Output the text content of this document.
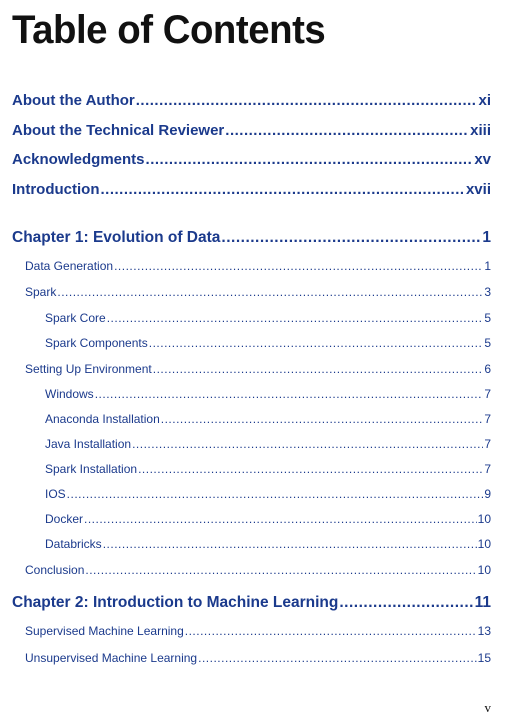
Table of Contents
About the Author .....	xi
About the Technical Reviewer .....	xiii
Acknowledgments .....	xv
Introduction .....	xvii
Chapter 1: Evolution of Data .....	1
Data Generation .....	1
Spark .....	3
Spark Core .....	5
Spark Components .....	5
Setting Up Environment .....	6
Windows .....	7
Anaconda Installation .....	7
Java Installation .....	7
Spark Installation .....	7
IOS .....	9
Docker .....	10
Databricks .....	10
Conclusion .....	10
Chapter 2: Introduction to Machine Learning .....	11
Supervised Machine Learning .....	13
Unsupervised Machine Learning .....	15
v
